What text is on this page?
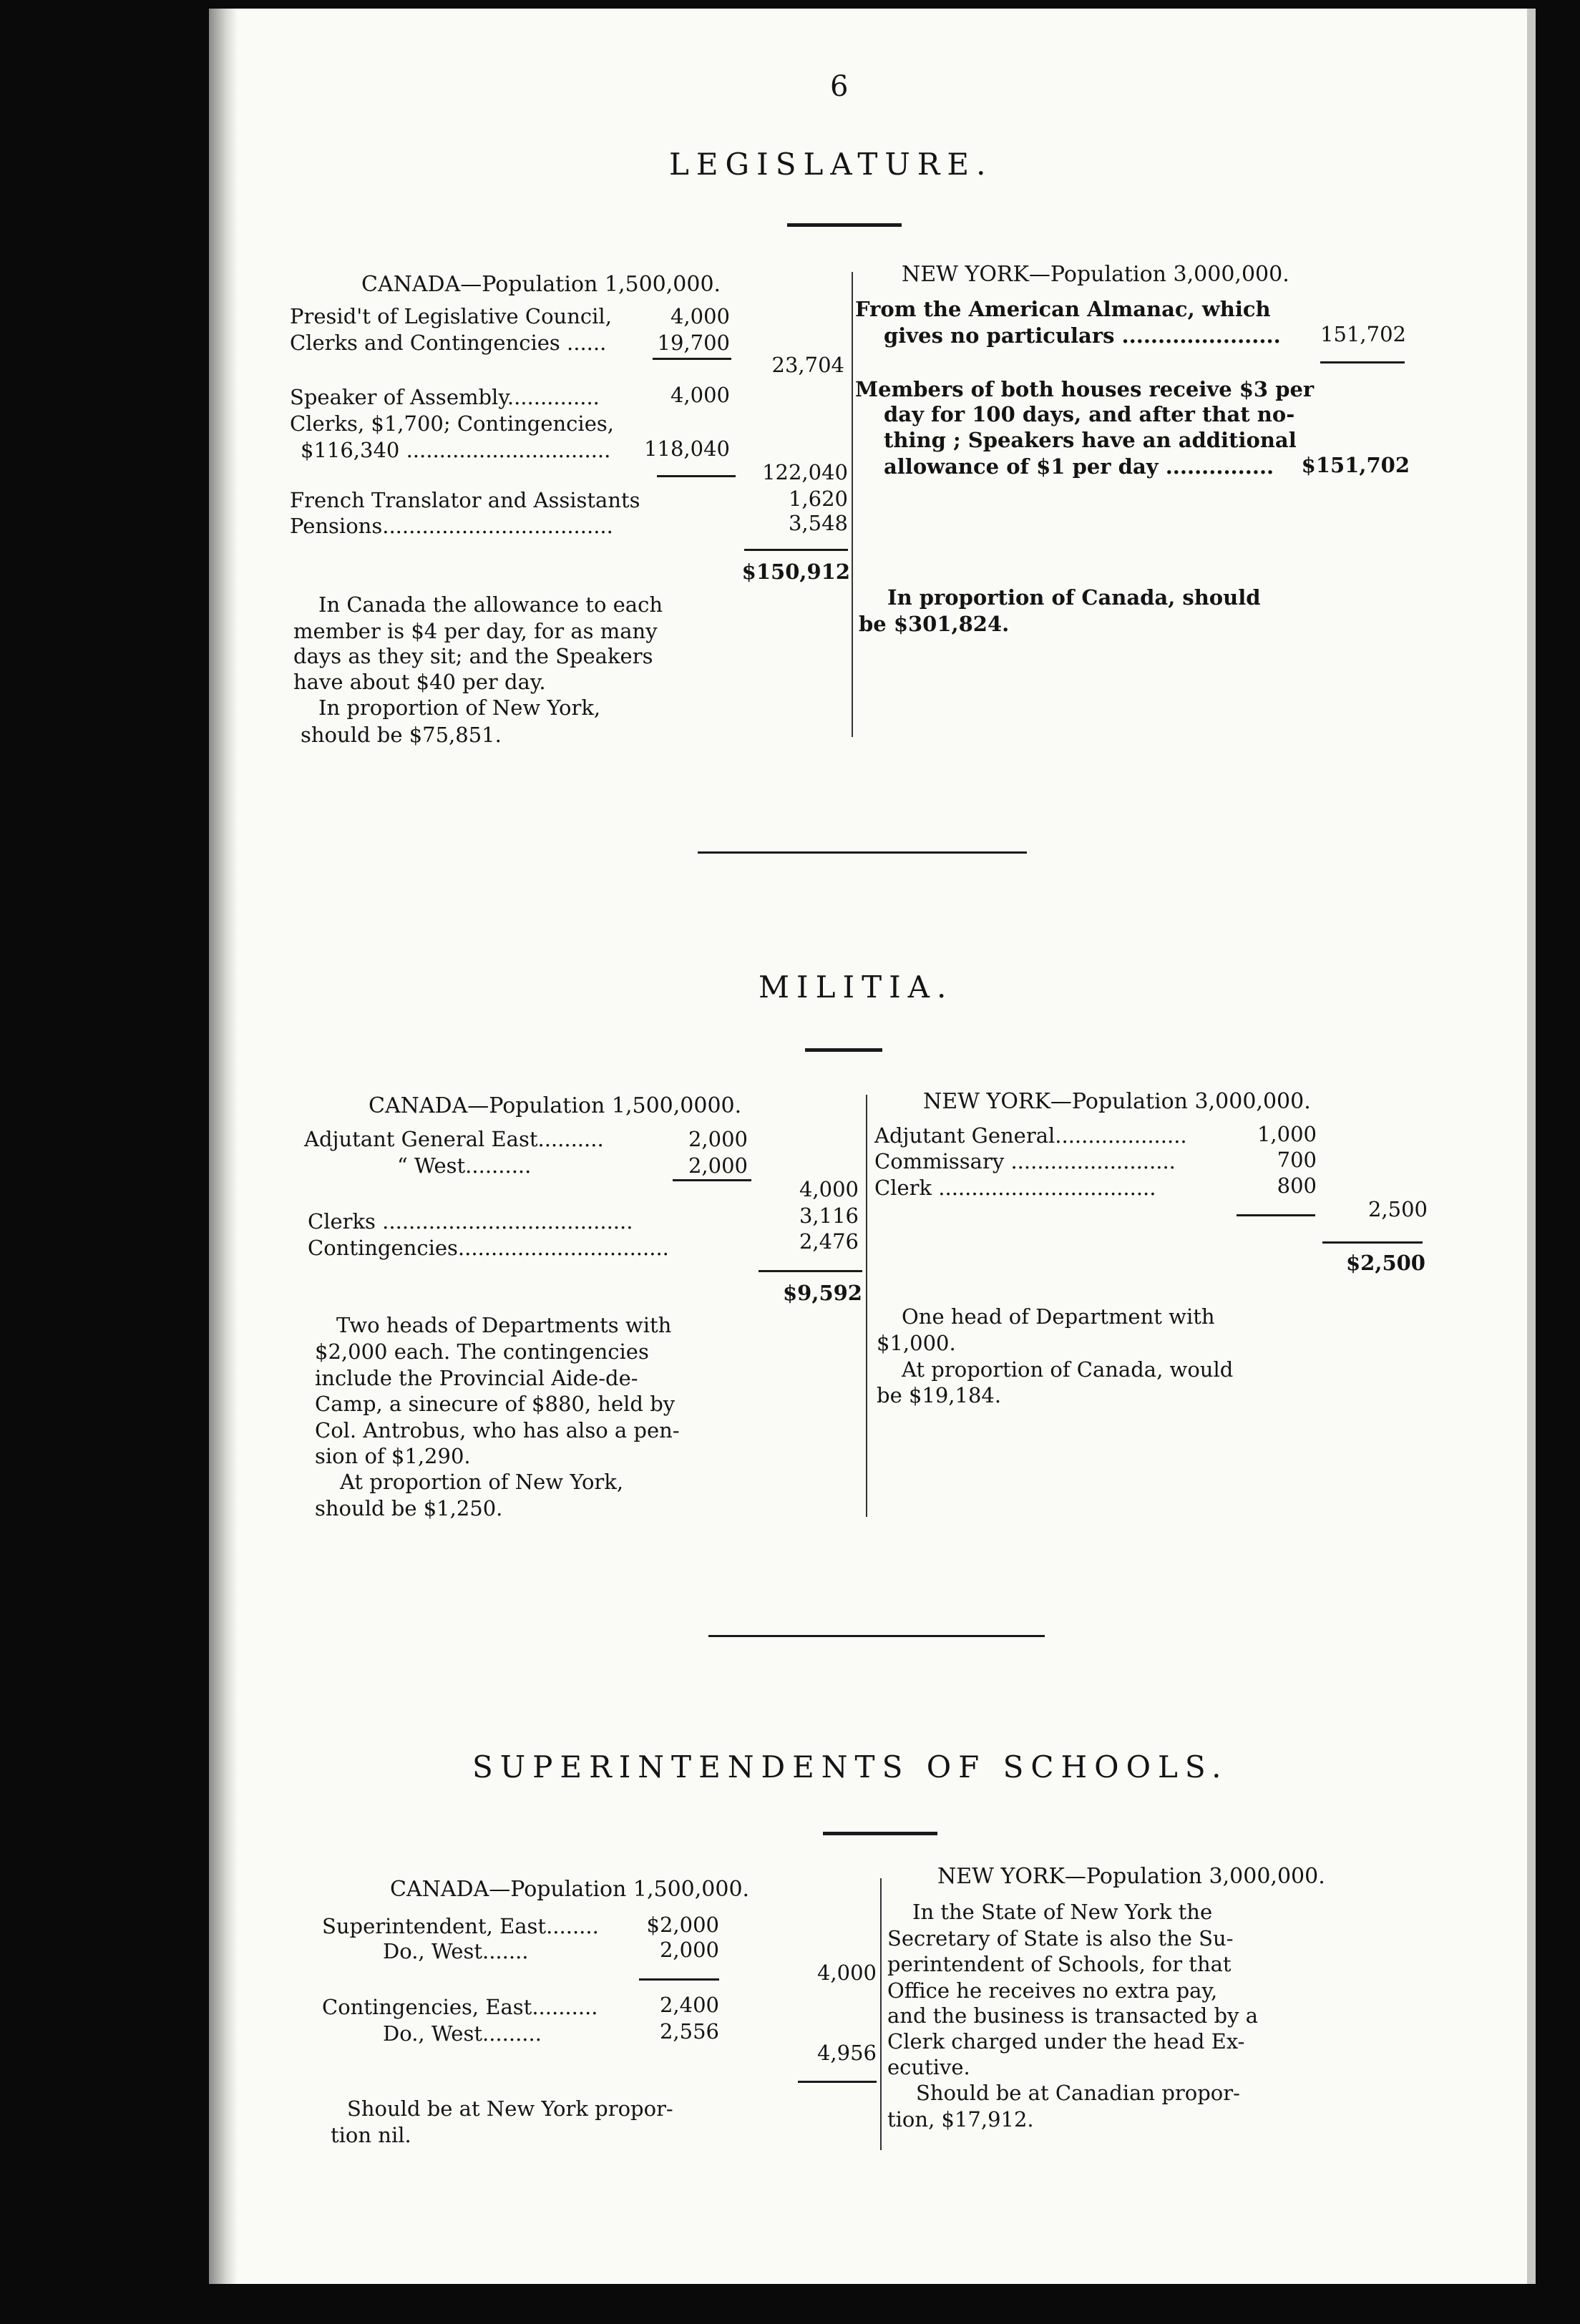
6
LEGISLATURE.
CANADA—Population 1,500,000.
Presid't of Legislative Council,	4,000
Clerks and Contingencies ......	19,700
23,704
Speaker of Assembly..............	4,000
Clerks, $1,700; Contingencies,
$116,340 ............................... 118,040
122,040
French Translator and Assistants	1,620
Pensions...................................	3,548
$150,912
In Canada the allowance to each
member is $4 per day, for as many
days as they sit; and the Speakers
have about $40 per day.
In proportion of New York,
should be $75,851.
NEW YORK—Population 3,000,000.
From the American Almanac, which
gives no particulars ......................	151,702
Members of both houses receive $3 per
day for 100 days, and after that no-
thing ; Speakers have an additional
allowance of $1 per day ...............	$151,702
In proportion of Canada, should
be $301,824.
MILITIA.
CANADA—Population 1,500,0000.
Adjutant General East..........	2,000
“ West..........	2,000
4,000
Clerks ......................................	3,116
Contingencies................................	2,476
$9,592
Two heads of Departments with
$2,000 each. The contingencies
include the Provincial Aide-de-
Camp, a sinecure of $880, held by
Col. Antrobus, who has also a pen-
sion of $1,290.
At proportion of New York,
should be $1,250.
NEW YORK—Population 3,000,000.
Adjutant General....................	1,000
Commissary .........................	700
Clerk .................................	800
2,500
$2,500
One head of Department with
$1,000.
At proportion of Canada, would
be $19,184.
SUPERINTENDENTS OF SCHOOLS.
CANADA—Population 1,500,000.
Superintendent, East........	$2,000
Do., West.......	2,000
4,000
Contingencies, East..........	2,400
Do., West.........	2,556
4,956
Should be at New York propor-
tion nil.
NEW YORK—Population 3,000,000.
In the State of New York the
Secretary of State is also the Su-
perintendent of Schools, for that
Office he receives no extra pay,
and the business is transacted by a
Clerk charged under the head Ex-
ecutive.
Should be at Canadian propor-
tion, $17,912.
